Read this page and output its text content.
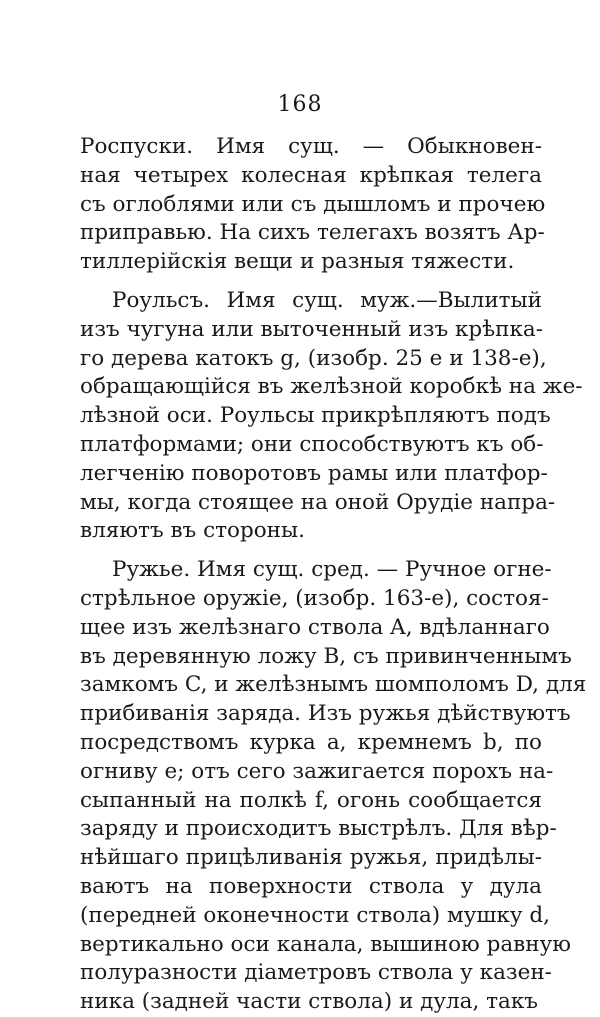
168
Роспуски. Имя сущ. — Обыкновен-
ная четырех колесная крѣпкая телега
съ оглоблями или съ дышломъ и прочею
приправью. На сихъ телегахъ возятъ Ар-
тиллерiйскiя вещи и разныя тяжести.
Роульсъ. Имя сущ. муж.—Вылитый
изъ чугуна или выточенный изъ крѣпка-
го дерева катокъ g, (изобр. 25 е и 138-е),
обращающiйся въ желѣзной коробкѣ на же-
лѣзной оси. Роульсы прикрѣпляютъ подъ
платформами; они способствуютъ къ об-
легченiю поворотовъ рамы или платфор-
мы, когда стоящее на оной Орудiе напра-
вляютъ въ стороны.
Ружье. Имя сущ. сред. — Ручное огне-
стрѣльное оружiе, (изобр. 163-е), состоя-
щее изъ желѣзнаго ствола A, вдѣланнаго
въ деревянную ложу B, съ привинченнымъ
замкомъ C, и желѣзнымъ шомполомъ D, для
прибиванiя заряда. Изъ ружья дѣйствуютъ
посредствомъ курка a, кремнемъ b, по
огниву e; отъ сего зажигается порохъ на-
сыпанный на полкѣ f, огонь сообщается
заряду и происходитъ выстрѣлъ. Для вѣр-
нѣйшаго прицѣливанiя ружья, придѣлы-
ваютъ на поверхности ствола у дула
(передней оконечности ствола) мушку d,
вертикально оси канала, вышиною равную
полуразности дiаметровъ ствола у казен-
ника (задней части ствола) и дула, такъ
